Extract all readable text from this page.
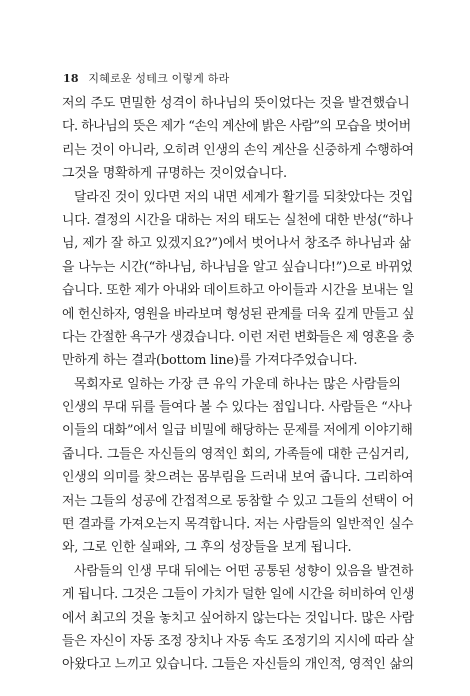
18 지혜로운 성테크 이렇게 하라
저의 주도 면밀한 성격이 하나님의 뜻이었다는 것을 발견했습니
다. 하나님의 뜻은 제가 “손익 계산에 밝은 사람”의 모습을 벗어버
리는 것이 아니라, 오히려 인생의 손익 계산을 신중하게 수행하여
그것을 명확하게 규명하는 것이었습니다.
달라진 것이 있다면 저의 내면 세계가 활기를 되찾았다는 것입
니다. 결정의 시간을 대하는 저의 태도는 실천에 대한 반성(“하나
님, 제가 잘 하고 있겠지요?”)에서 벗어나서 창조주 하나님과 삶
을 나누는 시간(“하나님, 하나님을 알고 싶습니다!”)으로 바뀌었
습니다. 또한 제가 아내와 데이트하고 아이들과 시간을 보내는 일
에 헌신하자, 영원을 바라보며 형성된 관계를 더욱 깊게 만들고 싶
다는 간절한 욕구가 생겼습니다. 이런 저런 변화들은 제 영혼을 충
만하게 하는 결과(bottom line)를 가져다주었습니다.
목회자로 일하는 가장 큰 유익 가운데 하나는 많은 사람들의
인생의 무대 뒤를 들여다 볼 수 있다는 점입니다. 사람들은 “사나
이들의 대화”에서 일급 비밀에 해당하는 문제를 저에게 이야기해
줍니다. 그들은 자신들의 영적인 회의, 가족들에 대한 근심거리,
인생의 의미를 찾으려는 몸부림을 드러내 보여 줍니다. 그리하여
저는 그들의 성공에 간접적으로 동참할 수 있고 그들의 선택이 어
떤 결과를 가져오는지 목격합니다. 저는 사람들의 일반적인 실수
와, 그로 인한 실패와, 그 후의 성장들을 보게 됩니다.
사람들의 인생 무대 뒤에는 어떤 공통된 성향이 있음을 발견하
게 됩니다. 그것은 그들이 가치가 덜한 일에 시간을 허비하여 인생
에서 최고의 것을 놓치고 싶어하지 않는다는 것입니다. 많은 사람
들은 자신이 자동 조정 장치나 자동 속도 조정기의 지시에 따라 살
아왔다고 느끼고 있습니다. 그들은 자신들의 개인적, 영적인 삶의
